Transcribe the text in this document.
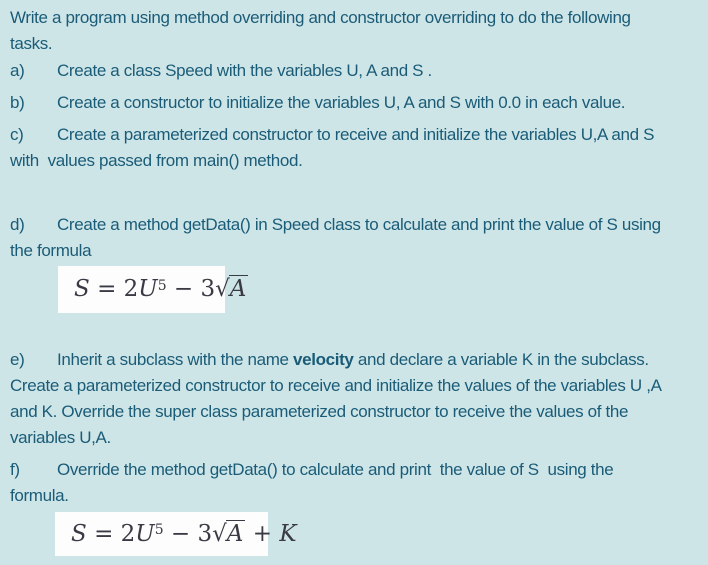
Write a program using method overriding and constructor overriding to do the following
tasks.
a) Create a class Speed with the variables U, A and S .
b) Create a constructor to initialize the variables U, A and S with 0.0 in each value.
c) Create a parameterized constructor to receive and initialize the variables U,A and S
with  values passed from main() method.
d) Create a method getData() in Speed class to calculate and print the value of S using
the formula
$S = 2U^5 - 3√A$
e) Inherit a subclass with the name velocity and declare a variable K in the subclass.
Create a parameterized constructor to receive and initialize the values of the variables U ,A
and K. Override the super class parameterized constructor to receive the values of the
variables U,A.
f) Override the method getData() to calculate and print  the value of S  using the
formula.
$S = 2U^5 - 3√A + K$
